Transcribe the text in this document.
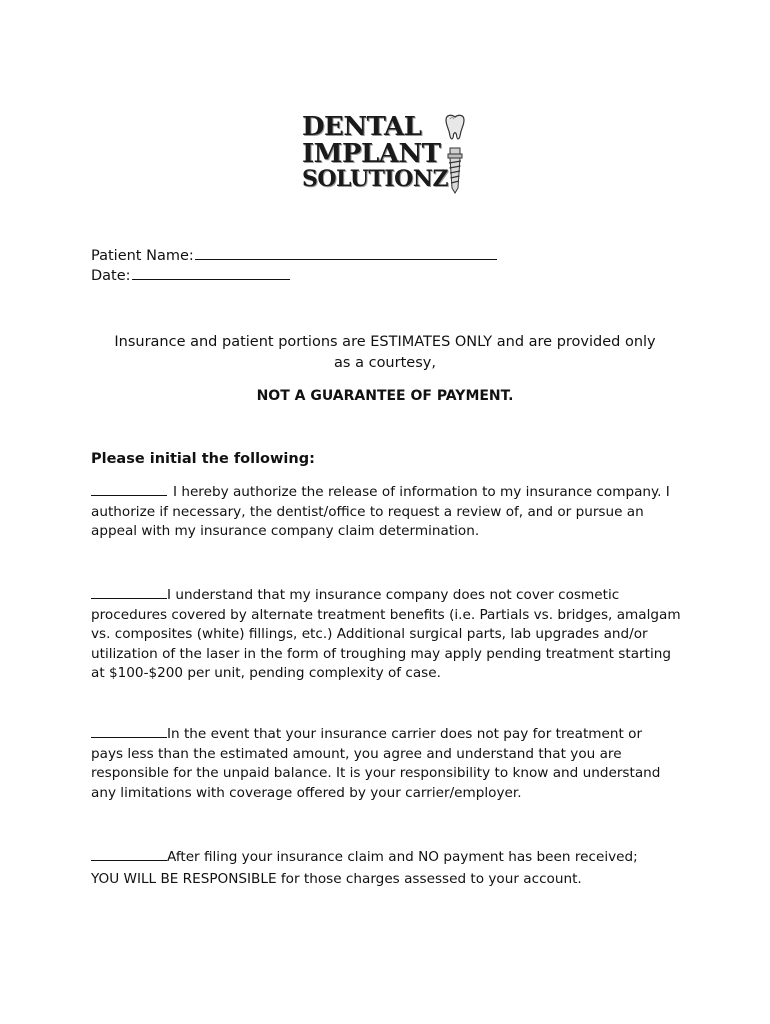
DENTAL
IMPLANT
SOLUTIONZ
Patient Name:
Date:
Insurance and patient portions are ESTIMATES ONLY and are provided only
as a courtesy,
NOT A GUARANTEE OF PAYMENT.
Please initial the following:
I hereby authorize the release of information to my insurance company. I authorize if necessary, the dentist/office to request a review of, and or pursue an appeal with my insurance company claim determination.
I understand that my insurance company does not cover cosmetic procedures covered by alternate treatment benefits (i.e. Partials vs. bridges, amalgam vs. composites (white) fillings, etc.) Additional surgical parts, lab upgrades and/or utilization of the laser in the form of troughing may apply pending treatment starting at $100-$200 per unit, pending complexity of case.
In the event that your insurance carrier does not pay for treatment or pays less than the estimated amount, you agree and understand that you are responsible for the unpaid balance. It is your responsibility to know and understand any limitations with coverage offered by your carrier/employer.
After filing your insurance claim and NO payment has been received;
YOU WILL BE RESPONSIBLE for those charges assessed to your account.
